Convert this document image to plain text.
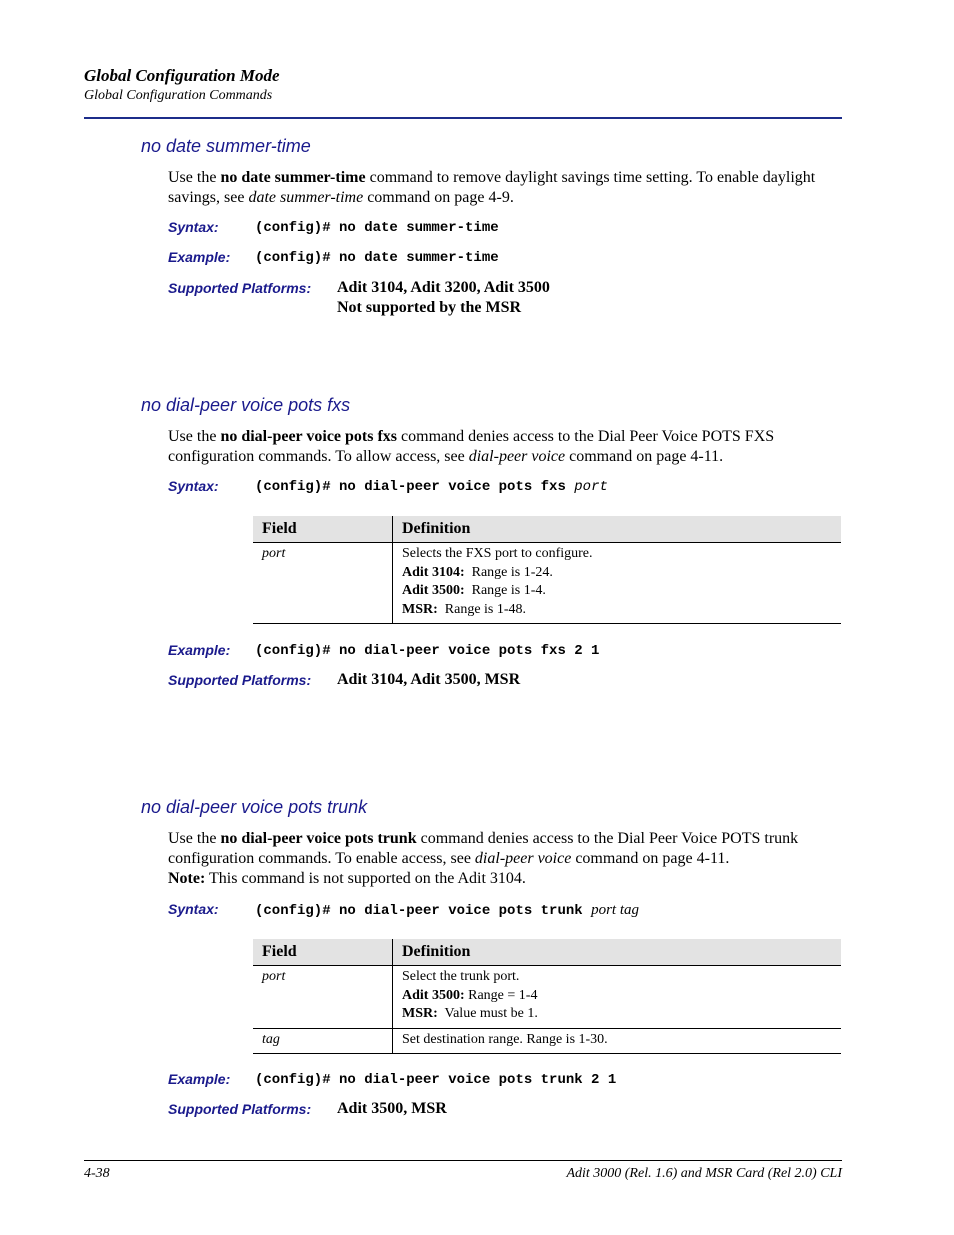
Global Configuration Mode
Global Configuration Commands
no date summer-time
Use the no date summer-time command to remove daylight savings time setting. To enable daylight savings, see date summer-time command on page 4-9.
Syntax:	(config)# no date summer-time
Example: (config)# no date summer-time
Supported Platforms: Adit 3104, Adit 3200, Adit 3500
Not supported by the MSR
no dial-peer voice pots fxs
Use the no dial-peer voice pots fxs command denies access to the Dial Peer Voice POTS FXS configuration commands. To allow access, see dial-peer voice command on page 4-11.
Syntax:	(config)# no dial-peer voice pots fxs port
Field	Definition
port	Selects the FXS port to configure.
Adit 3104:  Range is 1-24.
Adit 3500:  Range is 1-4.
MSR:  Range is 1-48.
Example: (config)# no dial-peer voice pots fxs 2 1
Supported Platforms: Adit 3104, Adit 3500, MSR
no dial-peer voice pots trunk
Use the no dial-peer voice pots trunk command denies access to the Dial Peer Voice POTS trunk configuration commands. To enable access, see dial-peer voice command on page 4-11.
Note: This command is not supported on the Adit 3104.
Syntax:	(config)# no dial-peer voice pots trunk port tag
Field	Definition
port	Select the trunk port.
Adit 3500: Range = 1-4
MSR:  Value must be 1.

tag	Set destination range. Range is 1-30.
Example: (config)# no dial-peer voice pots trunk 2 1
Supported Platforms: Adit 3500, MSR
4-38	Adit 3000 (Rel. 1.6) and MSR Card (Rel 2.0) CLI
